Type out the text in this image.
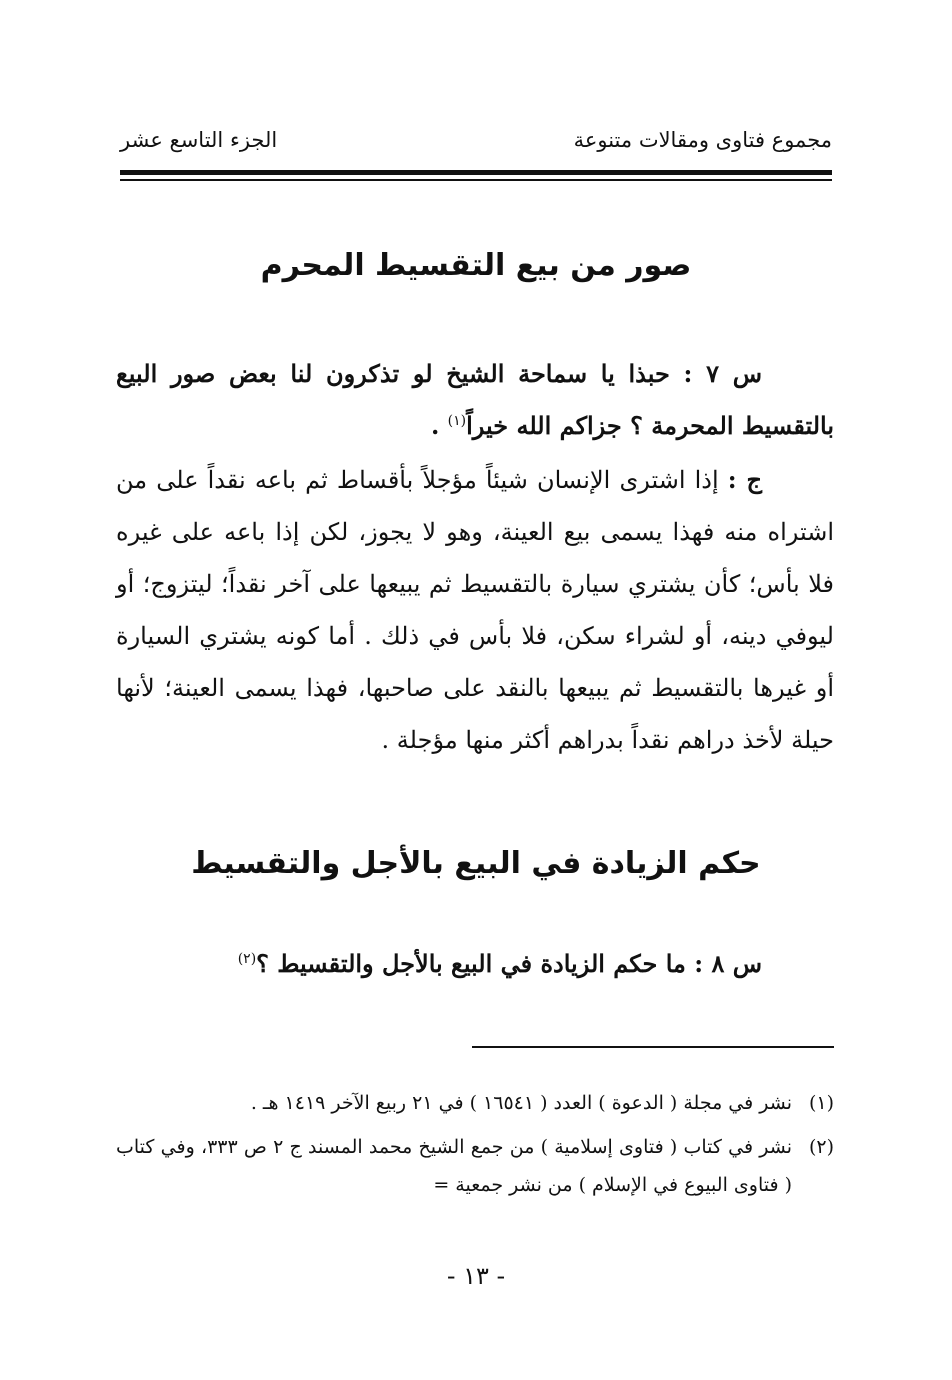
مجموع فتاوى ومقالات متنوعة
الجزء التاسع عشر
صور من بيع التقسيط المحرم
س ٧ : حبذا يا سماحة الشيخ لو تذكرون لنا بعض صور البيع بالتقسيط المحرمة ؟ جزاكم الله خيراً$^{(١)}$ .
ج : إذا اشترى الإنسان شيئاً مؤجلاً بأقساط ثم باعه نقداً على من اشتراه منه فهذا يسمى بيع العينة، وهو لا يجوز، لكن إذا باعه على غيره فلا بأس؛ كأن يشتري سيارة بالتقسيط ثم يبيعها على آخر نقداً؛ ليتزوج؛ أو ليوفي دينه، أو لشراء سكن، فلا بأس في ذلك . أما كونه يشتري السيارة أو غيرها بالتقسيط ثم يبيعها بالنقد على صاحبها، فهذا يسمى العينة؛ لأنها حيلة لأخذ دراهم نقداً بدراهم أكثر منها مؤجلة .
حكم الزيادة في البيع بالأجل والتقسيط
س ٨ : ما حكم الزيادة في البيع بالأجل والتقسيط ؟$^{(٢)}$
(١)
نشر في مجلة ( الدعوة ) العدد ( ١٦٥٤١ ) في ٢١ ربيع الآخر ١٤١٩ هـ .
(٢)
نشر في كتاب ( فتاوى إسلامية ) من جمع الشيخ محمد المسند ج ٢ ص ٣٣٣، وفي كتاب ( فتاوى البيوع في الإسلام ) من نشر جمعية =
- ١٣ -
